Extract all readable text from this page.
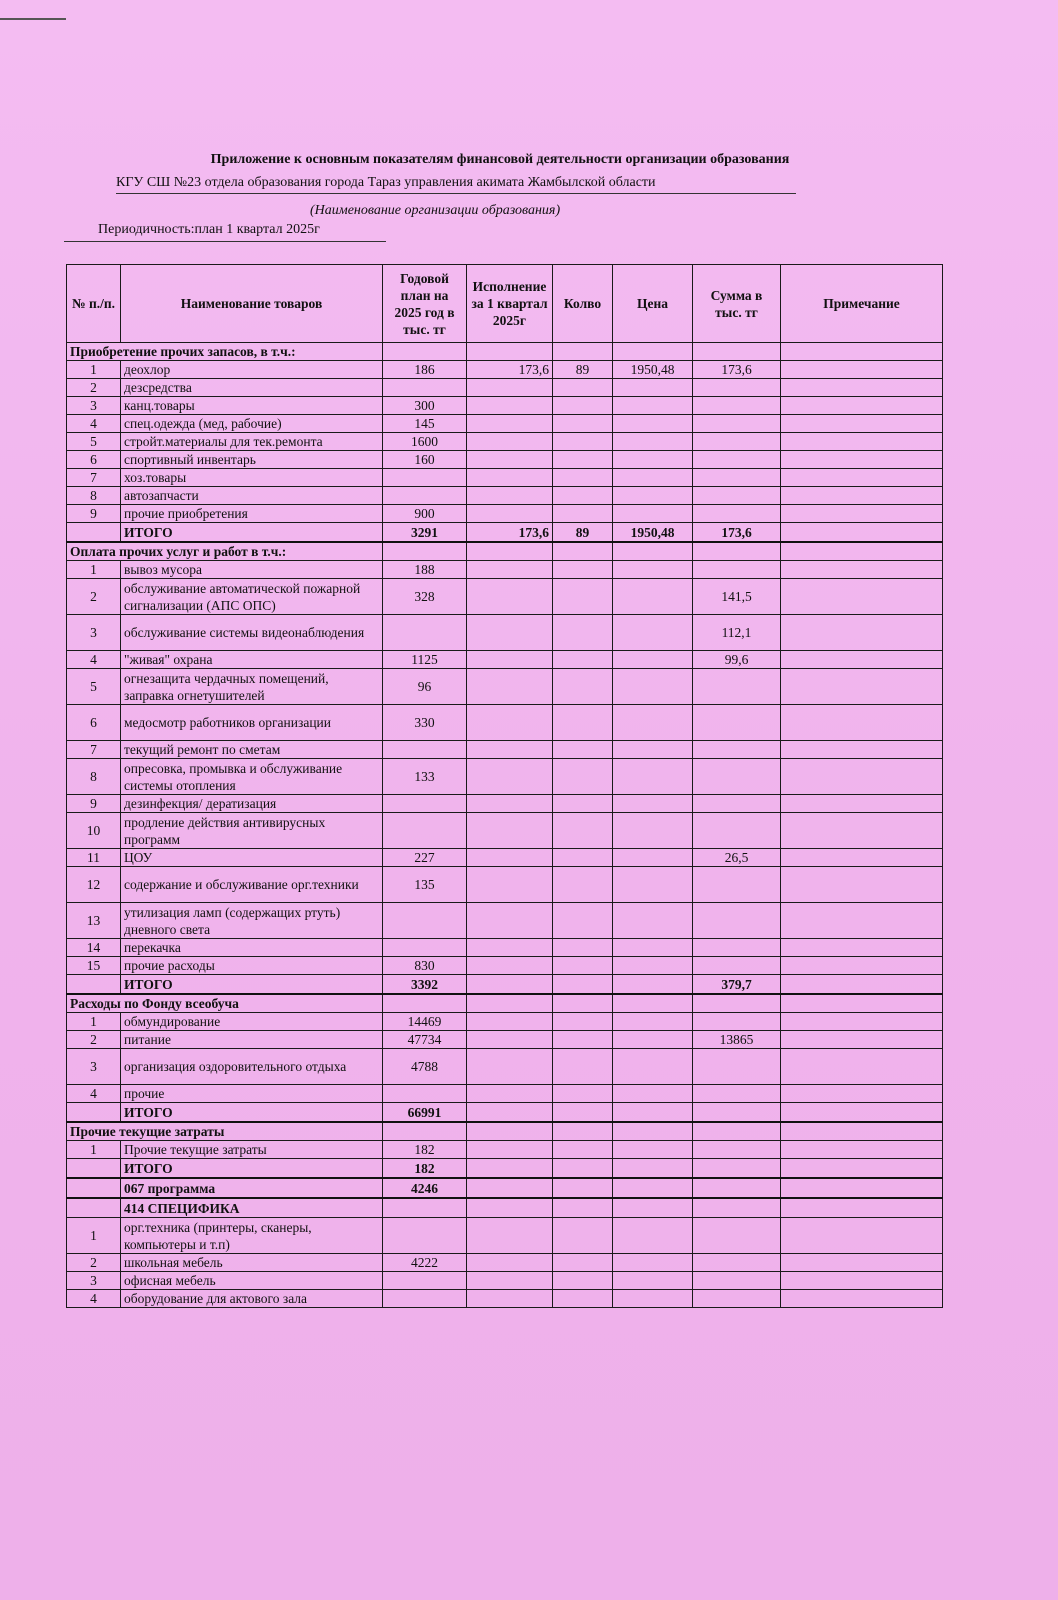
Приложение к основным показателям финансовой деятельности организации образования
КГУ СШ №23 отдела образования города Тараз управления акимата Жамбылской области
(Наименование организации образования)
Периодичность:план 1 квартал 2025г
№ п./п.	Наименование товаров	Годовой план на 2025 год в тыс. тг	Исполнение за 1 квартал 2025г	Колво	Цена	Сумма в тыс. тг	Примечание
Приобретение прочих запасов, в т.ч.:							
1	деохлор	186	173,6	89	1950,48	173,6	
2	дезсредства						
3	канц.товары	300					
4	спец.одежда (мед, рабочие)	145					
5	стройт.материалы для тек.ремонта	1600					
6	спортивный инвентарь	160					
7	хоз.товары						
8	автозапчасти						
9	прочие приобретения	900					
	ИТОГО	3291	173,6	89	1950,48	173,6	
Оплата прочих услуг и работ в т.ч.:							
1	вывоз мусора	188					
2	обслуживание автоматической пожарной сигнализации (АПС ОПС)	328				141,5	
3	обслуживание системы видеонаблюдения					112,1	
4	"живая" охрана	1125				99,6	
5	огнезащита чердачных помещений, заправка огнетушителей	96					
6	медосмотр работников организации	330					
7	текущий ремонт по сметам						
8	опресовка, промывка и обслуживание системы отопления	133					
9	дезинфекция/ дератизация						
10	продление действия антивирусных программ						
11	ЦОУ	227				26,5	
12	содержание и обслуживание орг.техники	135					
13	утилизация ламп (содержащих ртуть) дневного света						
14	перекачка						
15	прочие расходы	830					
	ИТОГО	3392				379,7	
Расходы по Фонду всеобуча							
1	обмундирование	14469					
2	питание	47734				13865	
3	организация оздоровительного отдыха	4788					
4	прочие						
	ИТОГО	66991					
Прочие текущие затраты							
1	Прочие текущие затраты	182					
	ИТОГО	182					
	067 программа	4246					
	414 СПЕЦИФИКА						
1	орг.техника (принтеры, сканеры, компьютеры и т.п)						
2	школьная мебель	4222					
3	офисная мебель						
4	оборудование для актового зала						
